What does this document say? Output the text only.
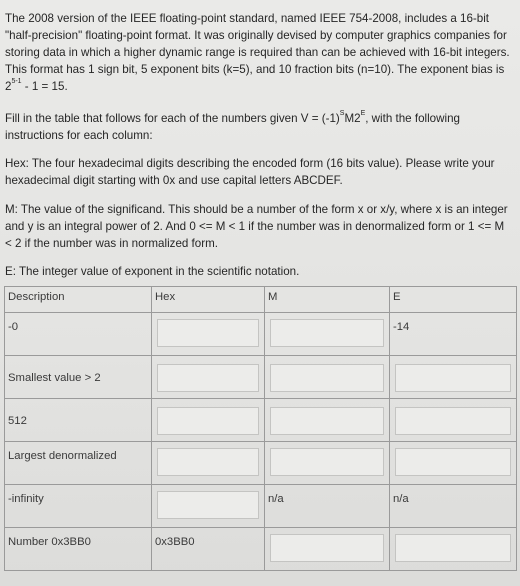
The 2008 version of the IEEE floating-point standard, named IEEE 754-2008, includes a 16-bit "half-precision" floating-point format. It was originally devised by computer graphics companies for storing data in which a higher dynamic range is required than can be achieved with 16-bit integers. This format has 1 sign bit, 5 exponent bits (k=5), and 10 fraction bits (n=10). The exponent bias is 2$^{5-1}$ - 1 = 15.

Fill in the table that follows for each of the numbers given $V = (-1)^SM2^E$, with the following instructions for each column:

Hex: The four hexadecimal digits describing the encoded form (16 bits value). Please write your hexadecimal digit starting with 0x and use capital letters ABCDEF.

M: The value of the significand. This should be a number of the form x or x/y, where x is an integer and y is an integral power of 2. And 0 <= M < 1 if the number was in denormalized form or 1 <= M < 2 if the number was in normalized form.

E: The integer value of exponent in the scientific notation.

Description	Hex	M	E

-0			-14

Smallest value > 2			

512			

Largest denormalized			

-infinity		n/a	n/a

Number 0x3BB0	0x3BB0		
